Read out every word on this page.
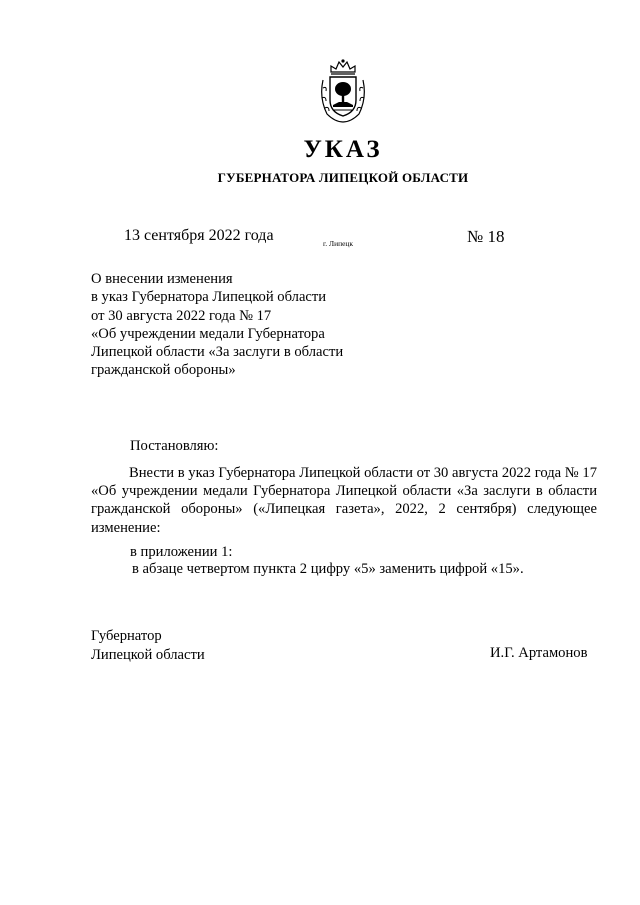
УКАЗ
ГУБЕРНАТОРА ЛИПЕЦКОЙ ОБЛАСТИ
13 сентября 2022 года	г. Липецк	№ 18
О внесении изменения
в указ Губернатора Липецкой области
от 30 августа 2022 года № 17
«Об учреждении медали Губернатора
Липецкой области «За заслуги в области
гражданской обороны»
Постановляю:
Внести в указ Губернатора Липецкой области от 30 августа 2022 года № 17 «Об учреждении медали Губернатора Липецкой области «За заслуги в области гражданской обороны» («Липецкая газета», 2022, 2 сентября) следующее изменение:
в приложении 1:
в абзаце четвертом пункта 2 цифру «5» заменить цифрой «15».
Губернатор
Липецкой области	И.Г. Артамонов
